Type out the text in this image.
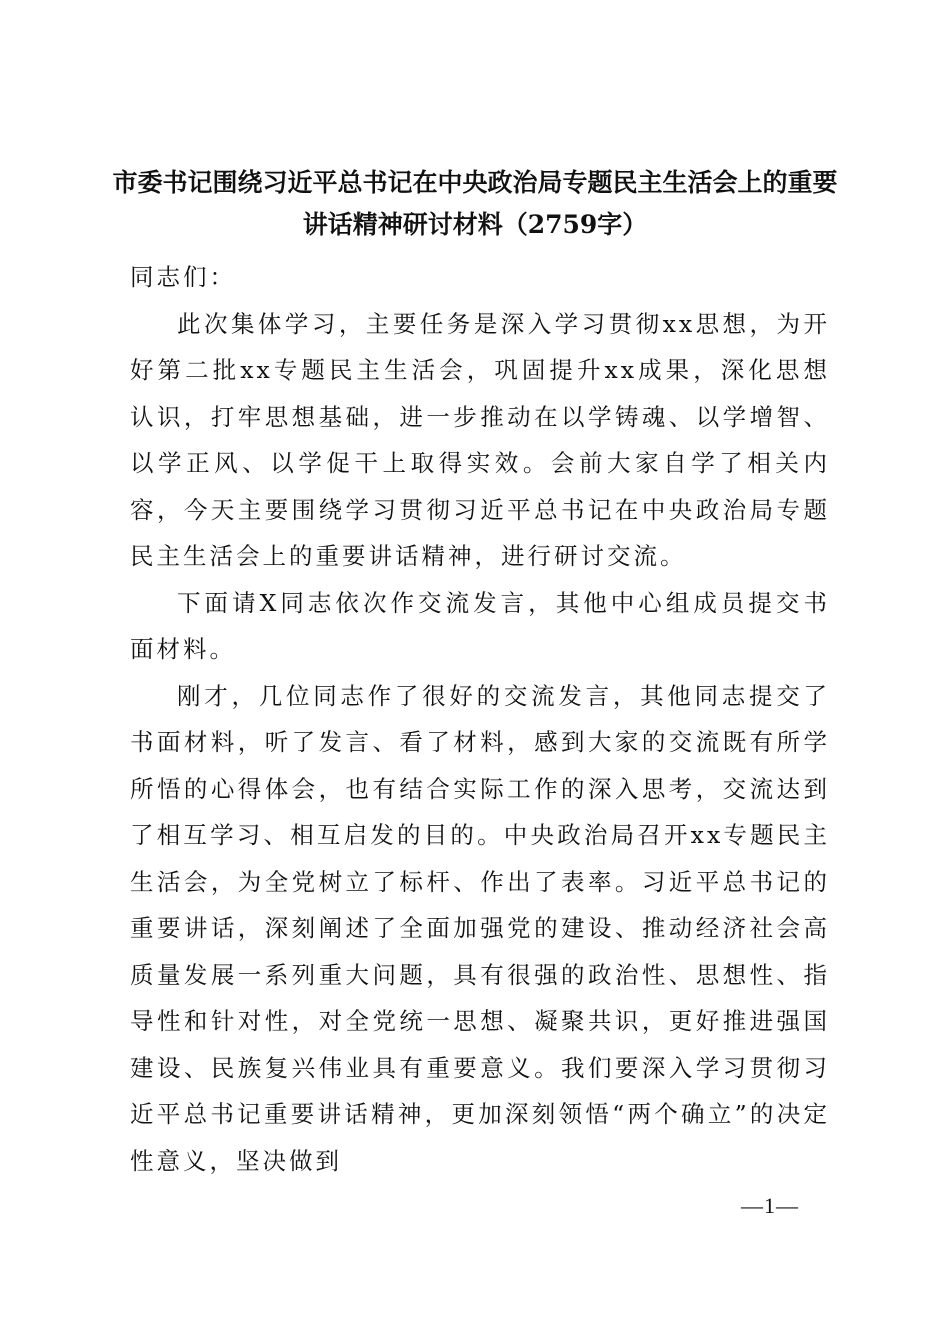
市委书记围绕习近平总书记在中央政治局专题民主生活会上的重要讲话精神研讨材料（2759字）

同志们：

此次集体学习，主要任务是深入学习贯彻xx思想，为开好第二批xx专题民主生活会，巩固提升xx成果，深化思想认识，打牢思想基础，进一步推动在以学铸魂、以学增智、以学正风、以学促干上取得实效。会前大家自学了相关内容，今天主要围绕学习贯彻习近平总书记在中央政治局专题民主生活会上的重要讲话精神，进行研讨交流。

下面请X同志依次作交流发言，其他中心组成员提交书面材料。

刚才，几位同志作了很好的交流发言，其他同志提交了书面材料，听了发言、看了材料，感到大家的交流既有所学所悟的心得体会，也有结合实际工作的深入思考，交流达到了相互学习、相互启发的目的。中央政治局召开xx专题民主生活会，为全党树立了标杆、作出了表率。习近平总书记的重要讲话，深刻阐述了全面加强党的建设、推动经济社会高质量发展一系列重大问题，具有很强的政治性、思想性、指导性和针对性，对全党统一思想、凝聚共识，更好推进强国建设、民族复兴伟业具有重要意义。我们要深入学习贯彻习近平总书记重要讲话精神，更加深刻领悟“两个确立”的决定性意义，坚决做到

—1—
